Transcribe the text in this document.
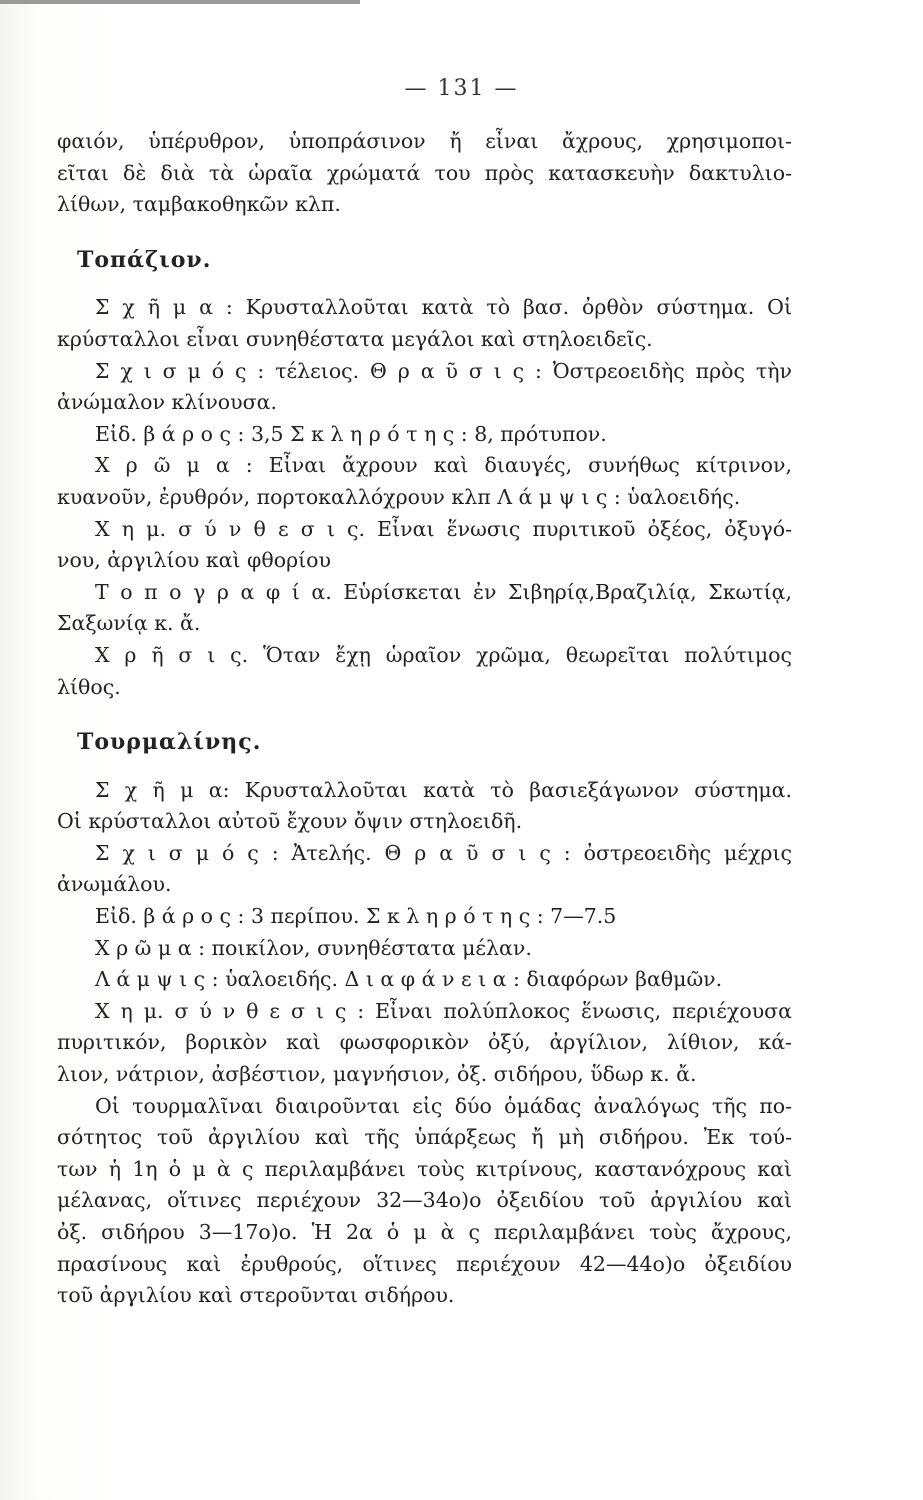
— 131 —

φαιόν, ὑπέρυθρον, ὑποπράσινον ἤ εἶναι ἄχρους, χρησιμοποι-
εῖται δὲ διὰ τὰ ὡραῖα χρώματά του πρὸς κατασκευὴν δακτυλιο-
λίθων, ταμβακοθηκῶν κλπ.

Τοπάζιον.
Σ χ ῆ μ α : Κρυσταλλοῦται κατὰ τὸ βασ. ὀρθὸν σύστημα. Οἱ
κρύσταλλοι εἶναι συνηθέστατα μεγάλοι καὶ στηλοειδεῖς.
Σ χ ι σ μ ό ς : τέλειος. Θ ρ α ῦ σ ι ς : Ὀστρεοειδὴς πρὸς τὴν
ἀνώμαλον κλίνουσα.
Εἰδ. β ά ρ ο ς : 3,5 Σ κ λ η ρ ό τ η ς : 8, πρότυπον.
Χ ρ ῶ μ α : Εἶναι ἄχρουν καὶ διαυγές, συνήθως κίτρινον,
κυανοῦν, ἐρυθρόν, πορτοκαλλόχρουν κλπ Λ ά μ ψ ι ς : ὑαλοειδής.
Χ η μ. σ ύ ν θ ε σ ι ς. Εἶναι ἕνωσις πυριτικοῦ ὀξέος, ὀξυγό-
νου, ἀργιλίου καὶ φθορίου
Τ ο π ο γ ρ α φ ί α. Εὑρίσκεται ἐν Σιβηρίᾳ,Βραζιλίᾳ, Σκωτίᾳ,
Σαξωνίᾳ κ. ἄ.
Χ ρ ῆ σ ι ς. Ὅταν ἔχῃ ὡραῖον χρῶμα, θεωρεῖται πολύτιμος
λίθος.
Τουρμαλίνης.
Σ χ ῆ μ α: Κρυσταλλοῦται κατὰ τὸ βασιεξάγωνον σύστημα.
Οἱ κρύσταλλοι αὐτοῦ ἔχουν ὄψιν στηλοειδῆ.
Σ χ ι σ μ ό ς : Ἀτελής. Θ ρ α ῦ σ ι ς : ὀστρεοειδὴς μέχρις
ἀνωμάλου.
Εἰδ. β ά ρ ο ς : 3 περίπου. Σ κ λ η ρ ό τ η ς : 7—7.5
Χ ρ ῶ μ α : ποικίλον, συνηθέστατα μέλαν.
Λ ά μ ψ ι ς : ὑαλοειδής. Δ ι α φ ά ν ε ι α : διαφόρων βαθμῶν.
Χ η μ. σ ύ ν θ ε σ ι ς : Εἶναι πολύπλοκος ἕνωσις, περιέχουσα
πυριτικόν, βορικὸν καὶ φωσφορικὸν ὀξύ, ἀργίλιον, λίθιον, κά-
λιον, νάτριον, ἀσβέστιον, μαγνήσιον, ὀξ. σιδήρου, ὕδωρ κ. ἄ.
Οἱ τουρμαλῖναι διαιροῦνται εἰς δύο ὁμάδας ἀναλόγως τῆς πο-
σότητος τοῦ ἀργιλίου καὶ τῆς ὑπάρξεως ἤ μὴ σιδήρου. Ἐκ τού-
των ἡ 1η ὁ μ ὰ ς περιλαμβάνει τοὺς κιτρίνους, καστανόχρους καὶ
μέλανας, οἵτινες περιέχουν 32—34ο)ο ὀξειδίου τοῦ ἀργιλίου καὶ
ὀξ. σιδήρου 3—17ο)ο. Ἡ 2α ὁ μ ὰ ς περιλαμβάνει τοὺς ἄχρους,
πρασίνους καὶ ἐρυθρούς, οἵτινες περιέχουν 42—44ο)ο ὀξειδίου
τοῦ ἀργιλίου καὶ στεροῦνται σιδήρου.
